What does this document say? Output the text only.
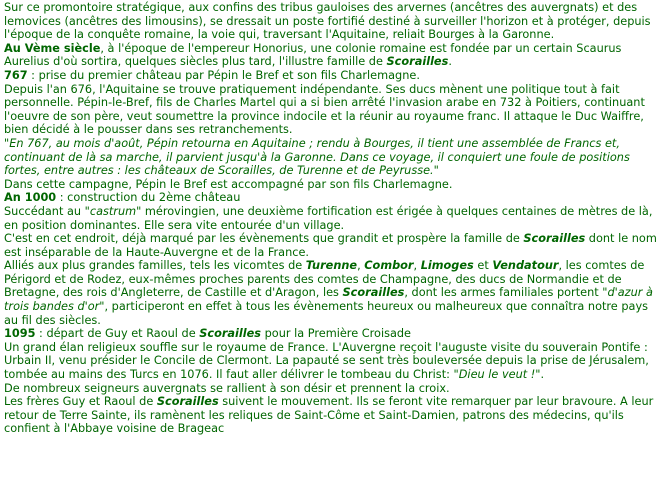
Sur ce promontoire stratégique, aux confins des tribus gauloises des arvernes (ancêtres des auvergnats) et des lemovices (ancêtres des limousins), se dressait un poste fortifié destiné à surveiller l'horizon et à protéger, depuis l'époque de la conquête romaine, la voie qui, traversant l'Aquitaine, reliait Bourges à la Garonne.

Au Vème siècle, à l'époque de l'empereur Honorius, une colonie romaine est fondée par un certain Scaurus Aurelius d'où sortira, quelques siècles plus tard, l'illustre famille de Scorailles.

767 : prise du premier château par Pépin le Bref et son fils Charlemagne.

Depuis l'an 676, l'Aquitaine se trouve pratiquement indépendante. Ses ducs mènent une politique tout à fait personnelle. Pépin-le-Bref, fils de Charles Martel qui a si bien arrêté l'invasion arabe en 732 à Poitiers, continuant l'oeuvre de son père, veut soumettre la province indocile et la réunir au royaume franc. Il attaque le Duc Waiffre, bien décidé à le pousser dans ses retranchements.

"En 767, au mois d'août, Pépin retourna en Aquitaine ; rendu à Bourges, il tient une assemblée de Francs et, continuant de là sa marche, il parvient jusqu'à la Garonne. Dans ce voyage, il conquiert une foule de positions fortes, entre autres : les châteaux de Scorailles, de Turenne et de Peyrusse."

Dans cette campagne, Pépin le Bref est accompagné par son fils Charlemagne.

An 1000 : construction du 2ème château

Succédant au "castrum" mérovingien, une deuxième fortification est érigée à quelques centaines de mètres de là, en position dominantes. Elle sera vite entourée d'un village.

C'est en cet endroit, déjà marqué par les évènements que grandit et prospère la famille de Scorailles dont le nom est inséparable de la Haute-Auvergne et de la France.

Alliés aux plus grandes familles, tels les vicomtes de Turenne, Combor, Limoges et Vendatour, les comtes de Périgord et de Rodez, eux-mêmes proches parents des comtes de Champagne, des ducs de Normandie et de Bretagne, des rois d'Angleterre, de Castille et d'Aragon, les Scorailles, dont les armes familiales portent "d'azur à trois bandes d'or", participeront en effet à tous les évènements heureux ou malheureux que connaîtra notre pays au fil des siècles.

1095 : départ de Guy et Raoul de Scorailles pour la Première Croisade

Un grand élan religieux souffle sur le royaume de France. L'Auvergne reçoit l'auguste visite du souverain Pontife : Urbain II, venu présider le Concile de Clermont. La papauté se sent très bouleversée depuis la prise de Jérusalem, tombée au mains des Turcs en 1076. Il faut aller délivrer le tombeau du Christ: "Dieu le veut !".

De nombreux seigneurs auvergnats se rallient à son désir et prennent la croix.

Les frères Guy et Raoul de Scorailles suivent le mouvement. Ils se feront vite remarquer par leur bravoure. A leur retour de Terre Sainte, ils ramènent les reliques de Saint-Côme et Saint-Damien, patrons des médecins, qu'ils confient à l'Abbaye voisine de Brageac
